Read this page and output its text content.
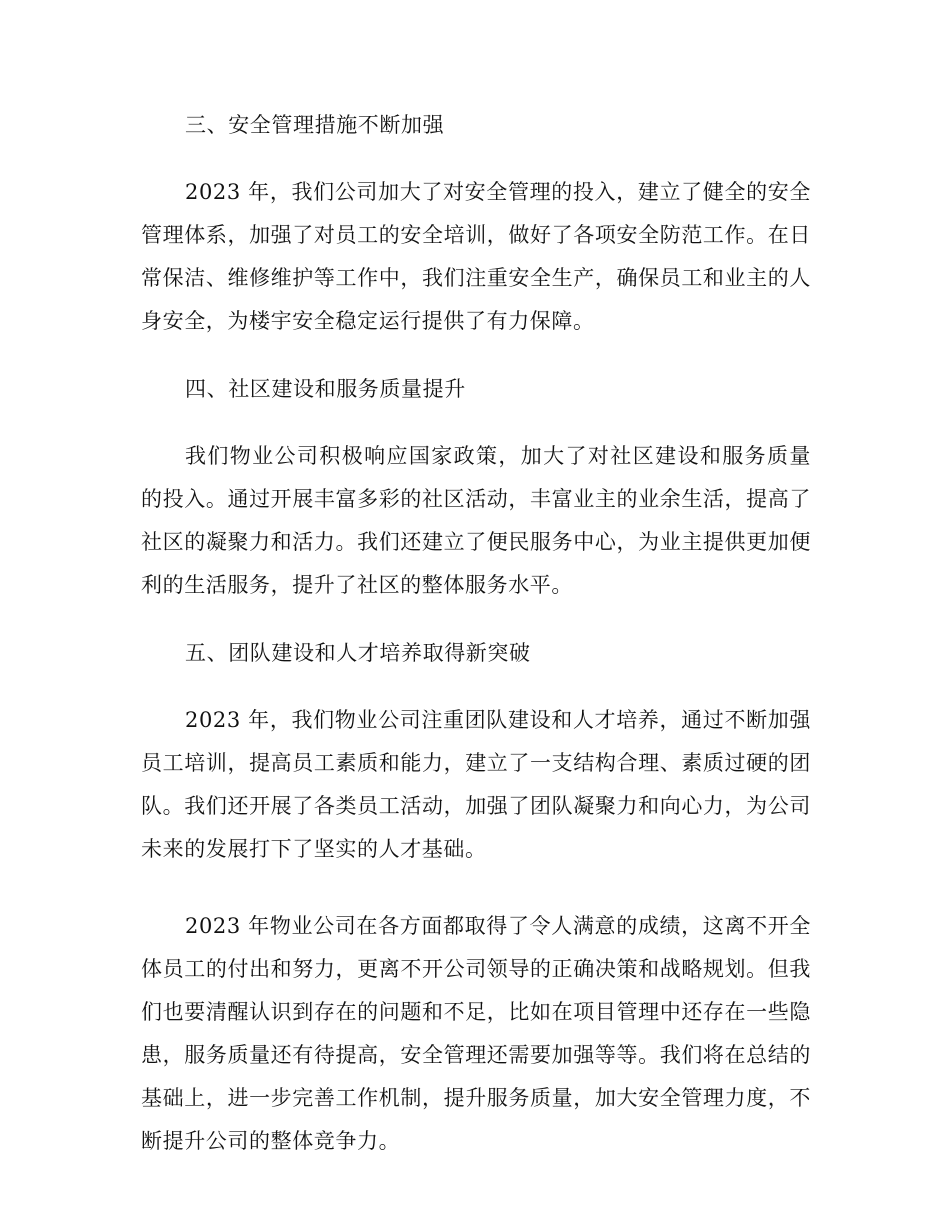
三、安全管理措施不断加强

2023 年，我们公司加大了对安全管理的投入，建立了健全的安全管理体系，加强了对员工的安全培训，做好了各项安全防范工作。在日常保洁、维修维护等工作中，我们注重安全生产，确保员工和业主的人身安全，为楼宇安全稳定运行提供了有力保障。

四、社区建设和服务质量提升

我们物业公司积极响应国家政策，加大了对社区建设和服务质量的投入。通过开展丰富多彩的社区活动，丰富业主的业余生活，提高了社区的凝聚力和活力。我们还建立了便民服务中心，为业主提供更加便利的生活服务，提升了社区的整体服务水平。

五、团队建设和人才培养取得新突破

2023 年，我们物业公司注重团队建设和人才培养，通过不断加强员工培训，提高员工素质和能力，建立了一支结构合理、素质过硬的团队。我们还开展了各类员工活动，加强了团队凝聚力和向心力，为公司未来的发展打下了坚实的人才基础。

2023 年物业公司在各方面都取得了令人满意的成绩，这离不开全体员工的付出和努力，更离不开公司领导的正确决策和战略规划。但我们也要清醒认识到存在的问题和不足，比如在项目管理中还存在一些隐患，服务质量还有待提高，安全管理还需要加强等等。我们将在总结的基础上，进一步完善工作机制，提升服务质量，加大安全管理力度，不断提升公司的整体竞争力。
